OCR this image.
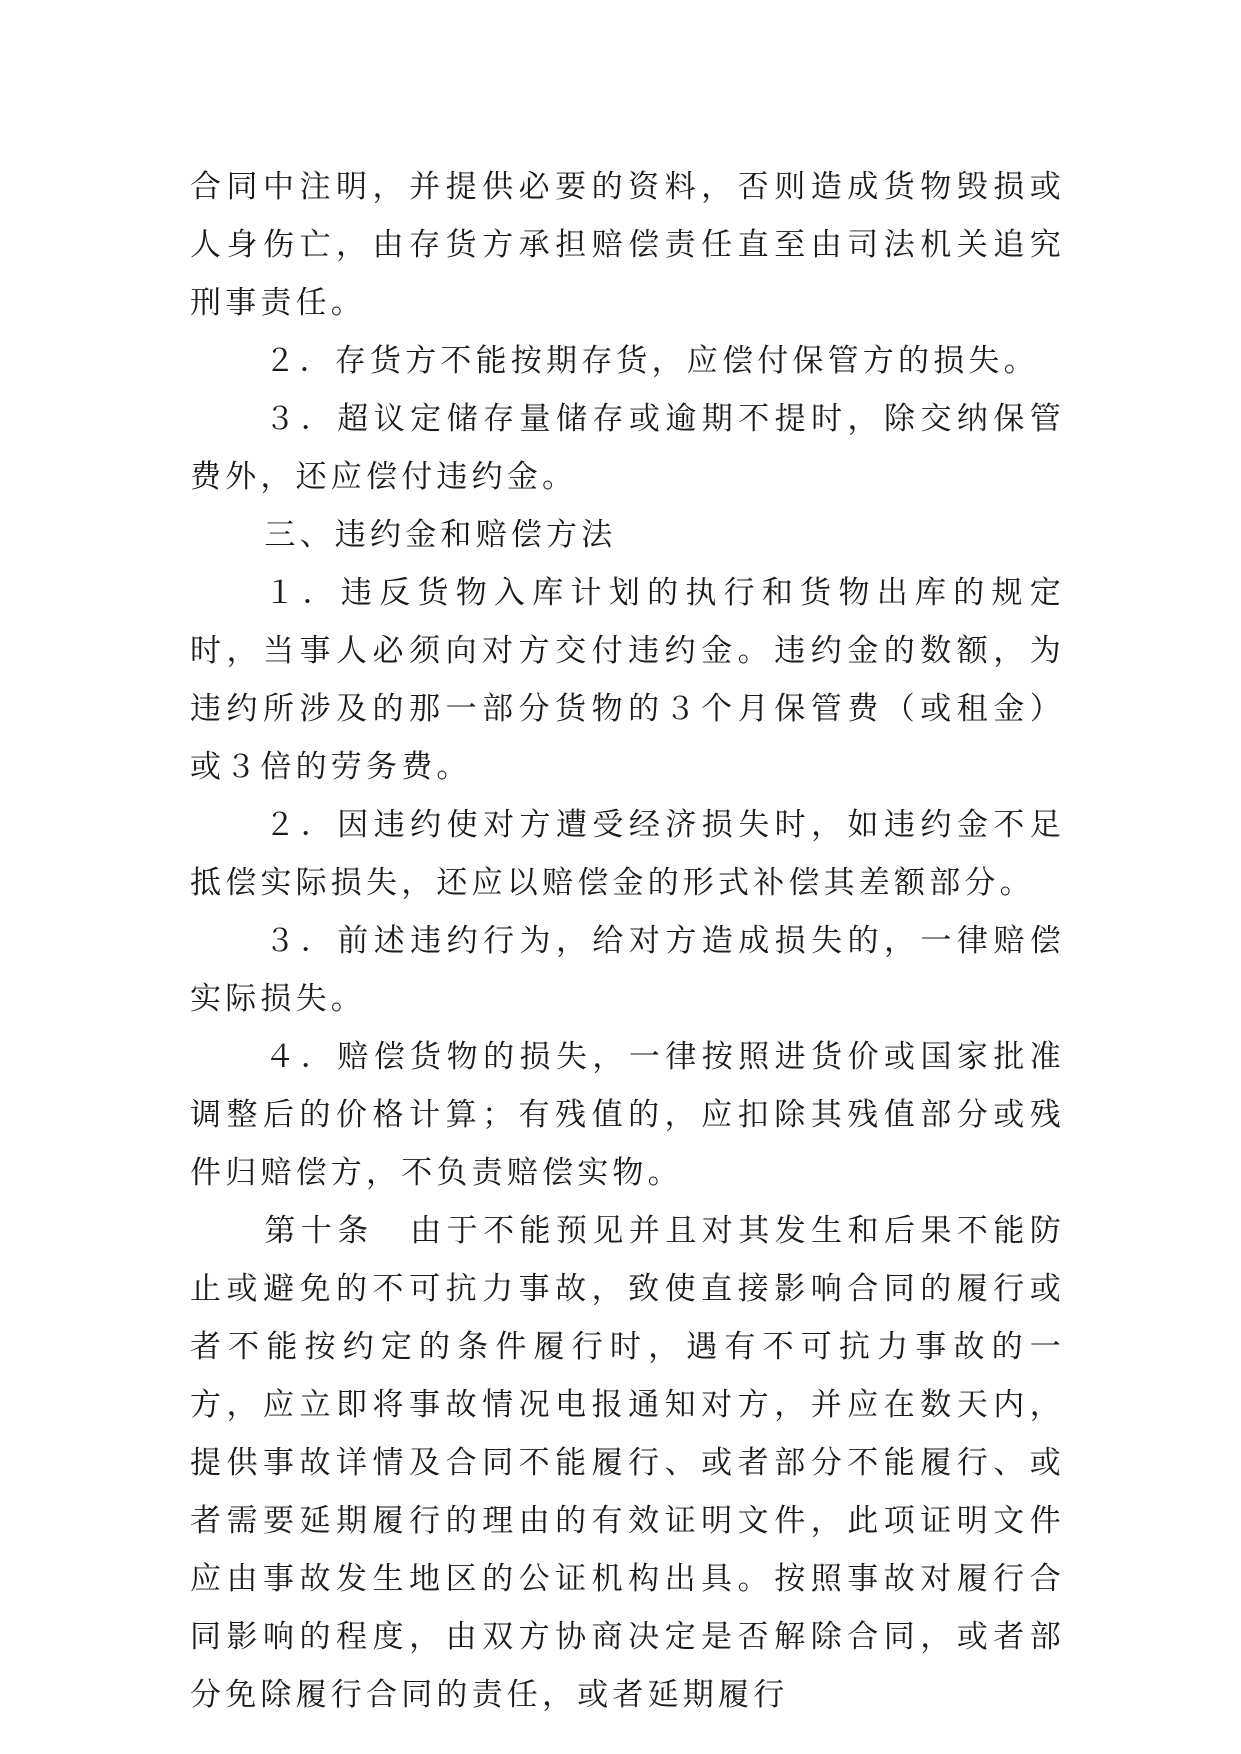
合同中注明，并提供必要的资料，否则造成货物毁损或人身伤亡，由存货方承担赔偿责任直至由司法机关追究刑事责任。

２．存货方不能按期存货，应偿付保管方的损失。

３．超议定储存量储存或逾期不提时，除交纳保管费外，还应偿付违约金。

三、违约金和赔偿方法

１．违反货物入库计划的执行和货物出库的规定时，当事人必须向对方交付违约金。违约金的数额，为违约所涉及的那一部分货物的３个月保管费（或租金）或３倍的劳务费。

２．因违约使对方遭受经济损失时，如违约金不足抵偿实际损失，还应以赔偿金的形式补偿其差额部分。

３．前述违约行为，给对方造成损失的，一律赔偿实际损失。

４．赔偿货物的损失，一律按照进货价或国家批准调整后的价格计算；有残值的，应扣除其残值部分或残件归赔偿方，不负责赔偿实物。

第十条　由于不能预见并且对其发生和后果不能防止或避免的不可抗力事故，致使直接影响合同的履行或者不能按约定的条件履行时，遇有不可抗力事故的一方，应立即将事故情况电报通知对方，并应在数天内，提供事故详情及合同不能履行、或者部分不能履行、或者需要延期履行的理由的有效证明文件，此项证明文件应由事故发生地区的公证机构出具。按照事故对履行合同影响的程度，由双方协商决定是否解除合同，或者部分免除履行合同的责任，或者延期履行
